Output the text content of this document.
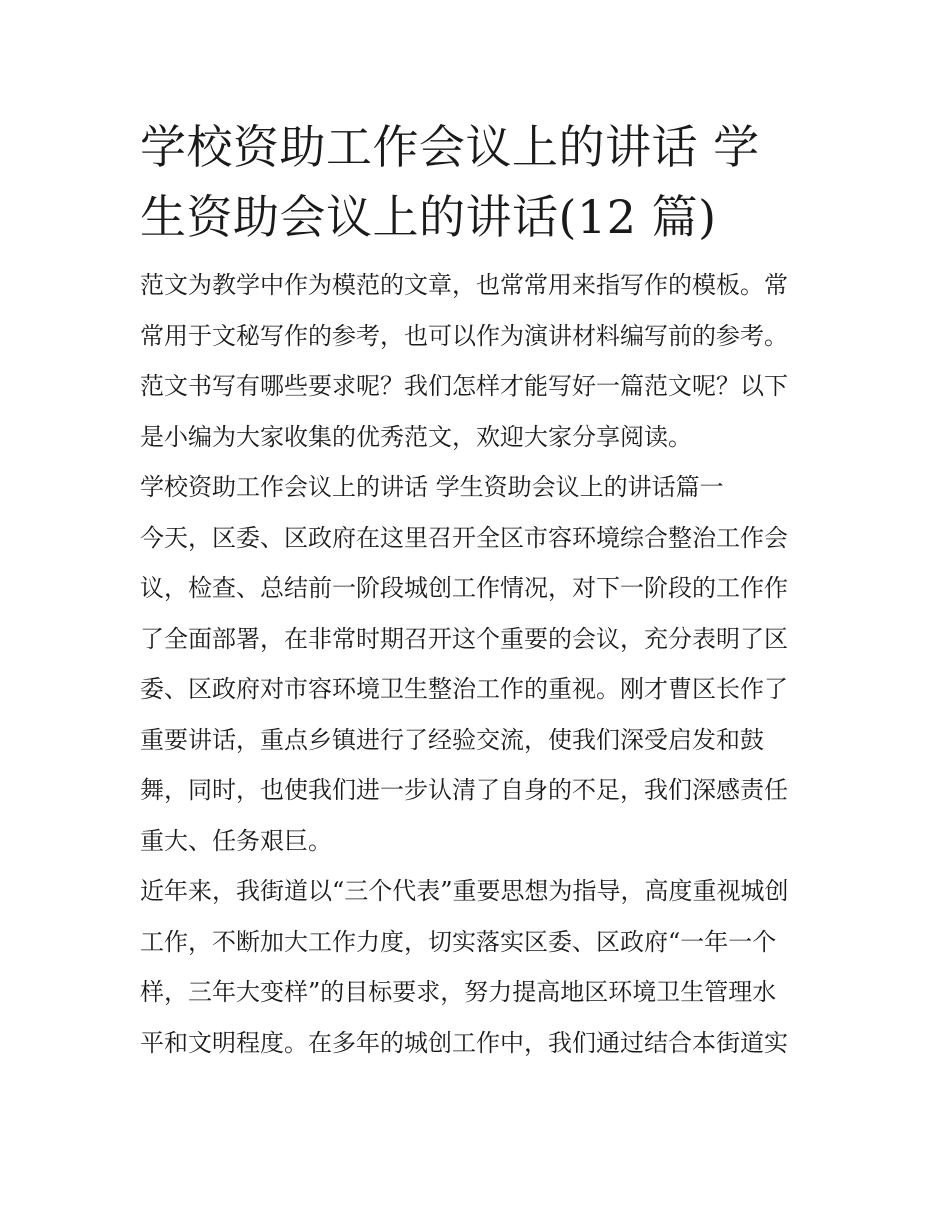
学校资助工作会议上的讲话 学
生资助会议上的讲话(12 篇)
范文为教学中作为模范的文章，也常常用来指写作的模板。常
常用于文秘写作的参考，也可以作为演讲材料编写前的参考。
范文书写有哪些要求呢？我们怎样才能写好一篇范文呢？以下
是小编为大家收集的优秀范文，欢迎大家分享阅读。
学校资助工作会议上的讲话 学生资助会议上的讲话篇一
今天，区委、区政府在这里召开全区市容环境综合整治工作会
议，检查、总结前一阶段城创工作情况，对下一阶段的工作作
了全面部署，在非常时期召开这个重要的会议，充分表明了区
委、区政府对市容环境卫生整治工作的重视。刚才曹区长作了
重要讲话，重点乡镇进行了经验交流，使我们深受启发和鼓
舞，同时，也使我们进一步认清了自身的不足，我们深感责任
重大、任务艰巨。
近年来，我街道以“三个代表”重要思想为指导，高度重视城创
工作，不断加大工作力度，切实落实区委、区政府“一年一个
样，三年大变样”的目标要求，努力提高地区环境卫生管理水
平和文明程度。在多年的城创工作中，我们通过结合本街道实
